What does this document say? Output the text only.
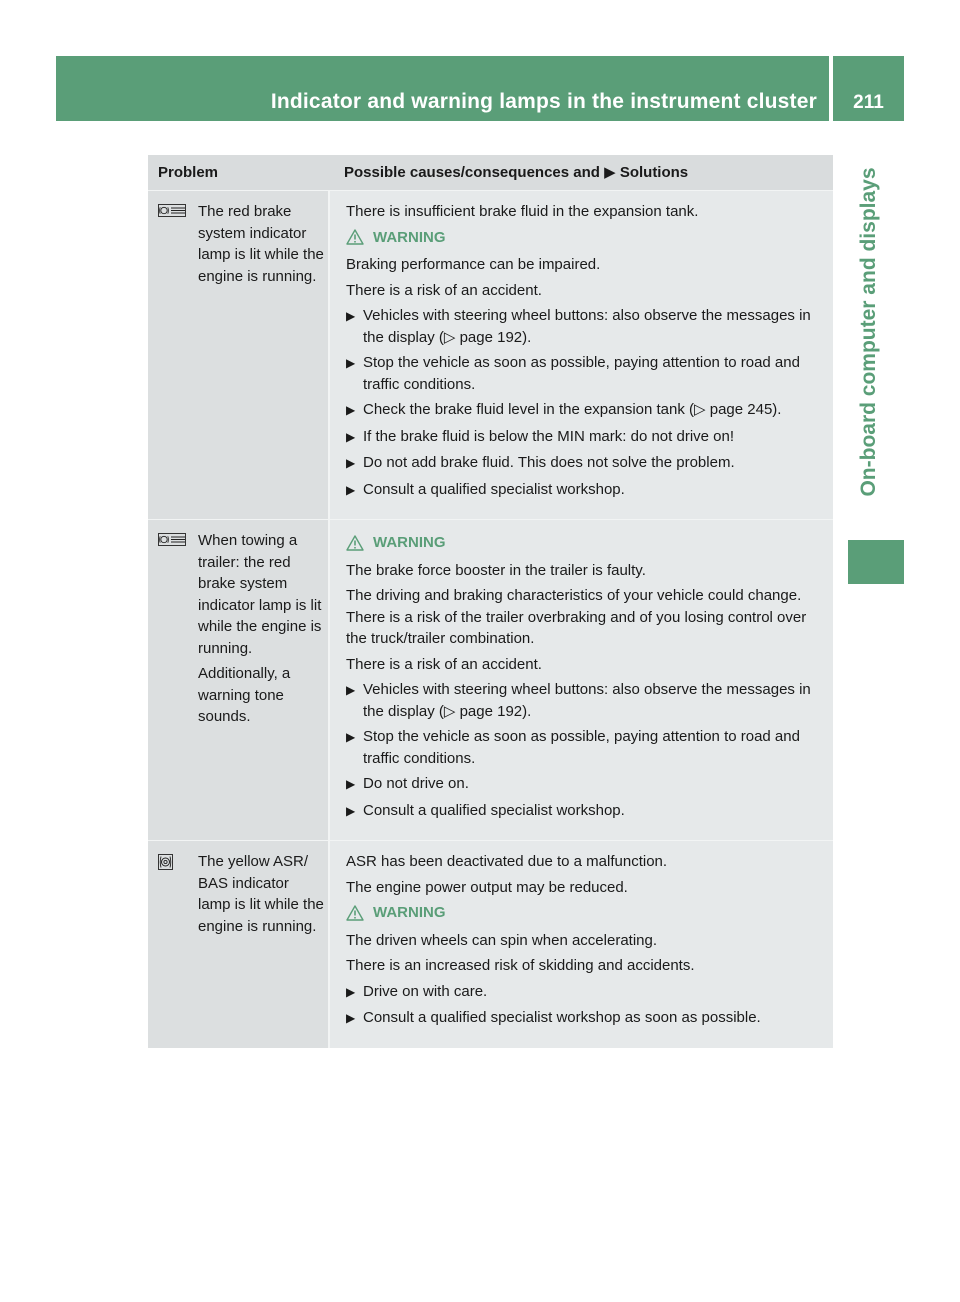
Indicator and warning lamps in the instrument cluster	211
On-board computer and displays
Problem	Possible causes/consequences and ▶ Solutions

The red brake system indicator lamp is lit while the engine is running.

There is insufficient brake fluid in the expansion tank.

WARNING

Braking performance can be impaired.

There is a risk of an accident.

▶ Vehicles with steering wheel buttons: also observe the messages in the display (▷ page 192).
▶ Stop the vehicle as soon as possible, paying attention to road and traffic conditions.
▶ Check the brake fluid level in the expansion tank (▷ page 245).
▶ If the brake fluid is below the MIN mark: do not drive on!
▶ Do not add brake fluid. This does not solve the problem.
▶ Consult a qualified specialist workshop.

When towing a trailer: the red brake system indicator lamp is lit while the engine is running.

Additionally, a warning tone sounds.

WARNING

The brake force booster in the trailer is faulty.

The driving and braking characteristics of your vehicle could change. There is a risk of the trailer overbraking and of you losing control over the truck/trailer combination.

There is a risk of an accident.

▶ Vehicles with steering wheel buttons: also observe the messages in the display (▷ page 192).
▶ Stop the vehicle as soon as possible, paying attention to road and traffic conditions.
▶ Do not drive on.
▶ Consult a qualified specialist workshop.

The yellow ASR/ BAS indicator lamp is lit while the engine is running.

ASR has been deactivated due to a malfunction.

The engine power output may be reduced.

WARNING

The driven wheels can spin when accelerating.

There is an increased risk of skidding and accidents.

▶ Drive on with care.
▶ Consult a qualified specialist workshop as soon as possible.
